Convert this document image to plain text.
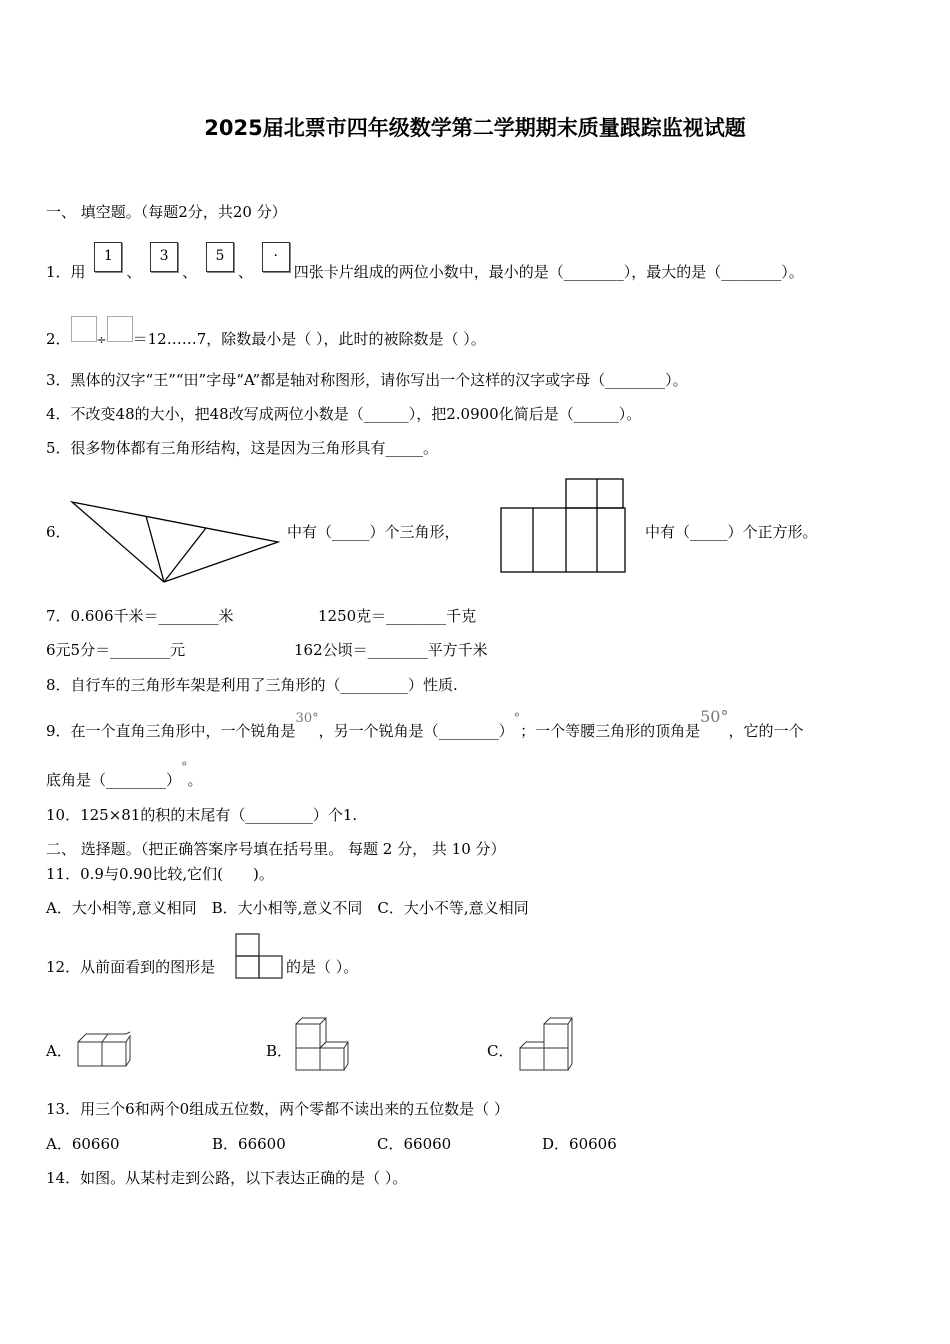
2025届北票市四年级数学第二学期期末质量跟踪监视试题
一、 填空题。（每题2分，共20 分）
1．用 1、 3、 5、 ·四张卡片组成的两位小数中，最小的是（________），最大的是（________）。
2． ÷ ＝12……7，除数最小是（ ），此时的被除数是（ ）。
3．黑体的汉字“王”“田”字母“A”都是轴对称图形，请你写出一个这样的汉字或字母（________）。
4．不改变48的大小，把48改写成两位小数是（______），把2.0900化简后是（______）。
5．很多物体都有三角形结构，这是因为三角形具有_____。
6．	中有（_____）个三角形，	中有（_____）个正方形。
7．0.606千米＝________米	1250克＝________千克
6元5分＝________元	162公顷＝________平方千米
8．自行车的三角形车架是利用了三角形的（_________）性质.
9．在一个直角三角形中，一个锐角是30°，另一个锐角是（________）°；一个等腰三角形的顶角是50°，它的一个
底角是（________）°。
10．125×81的积的末尾有（_________）个1.
二、 选择题。（把正确答案序号填在括号里。 每题 2 分， 共 10 分）
11．0.9与0.90比较,它们(　　)。
A．大小相等,意义相同　B．大小相等,意义不同　C．大小不等,意义相同
12．从前面看到的图形是	的是（ ）。
A．	B．	C．
13．用三个6和两个0组成五位数，两个零都不读出来的五位数是（ ）
A．60660	B．66600	C．66060	D．60606
14．如图。从某村走到公路，以下表达正确的是（ ）。
